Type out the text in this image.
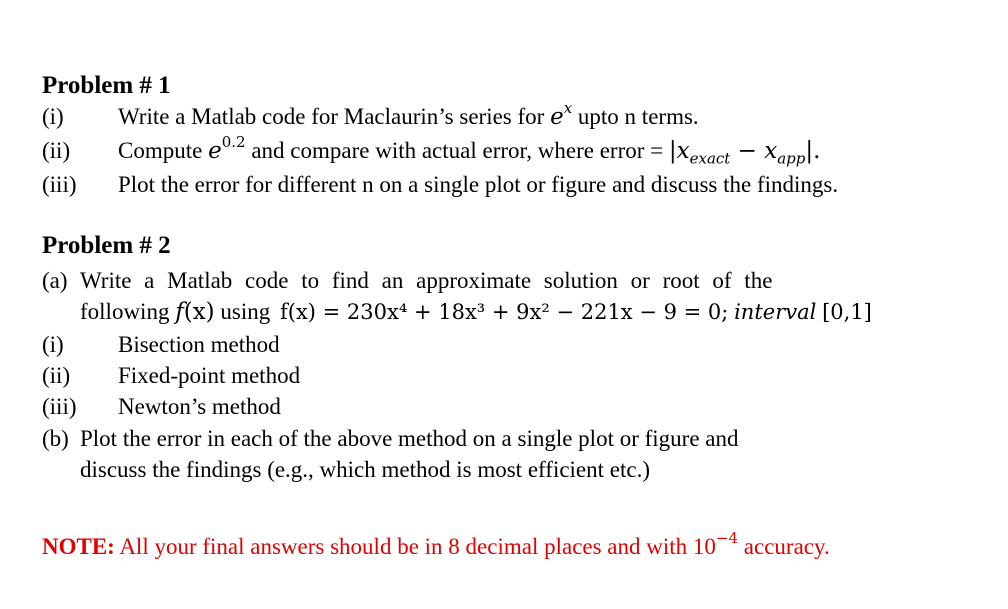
Problem # 1
(i) Write a Matlab code for Maclaurin’s series for $e^x$ upto n terms.
(ii) Compute $e^{0.2}$ and compare with actual error, where error = $|x_{exact} - x_{app}|$.
(iii) Plot the error for different n on a single plot or figure and discuss the findings.
Problem # 2
(a) Write a Matlab code to find an approximate solution or root of the
following f(x) using f(x) = 230x⁴ + 18x³ + 9x² − 221x − 9 = 0; interval [0,1]
(i) Bisection method
(ii) Fixed-point method
(iii) Newton’s method
(b) Plot the error in each of the above method on a single plot or figure and
discuss the findings (e.g., which method is most efficient etc.)
NOTE: All your final answers should be in 8 decimal places and with $10^{-4}$ accuracy.
